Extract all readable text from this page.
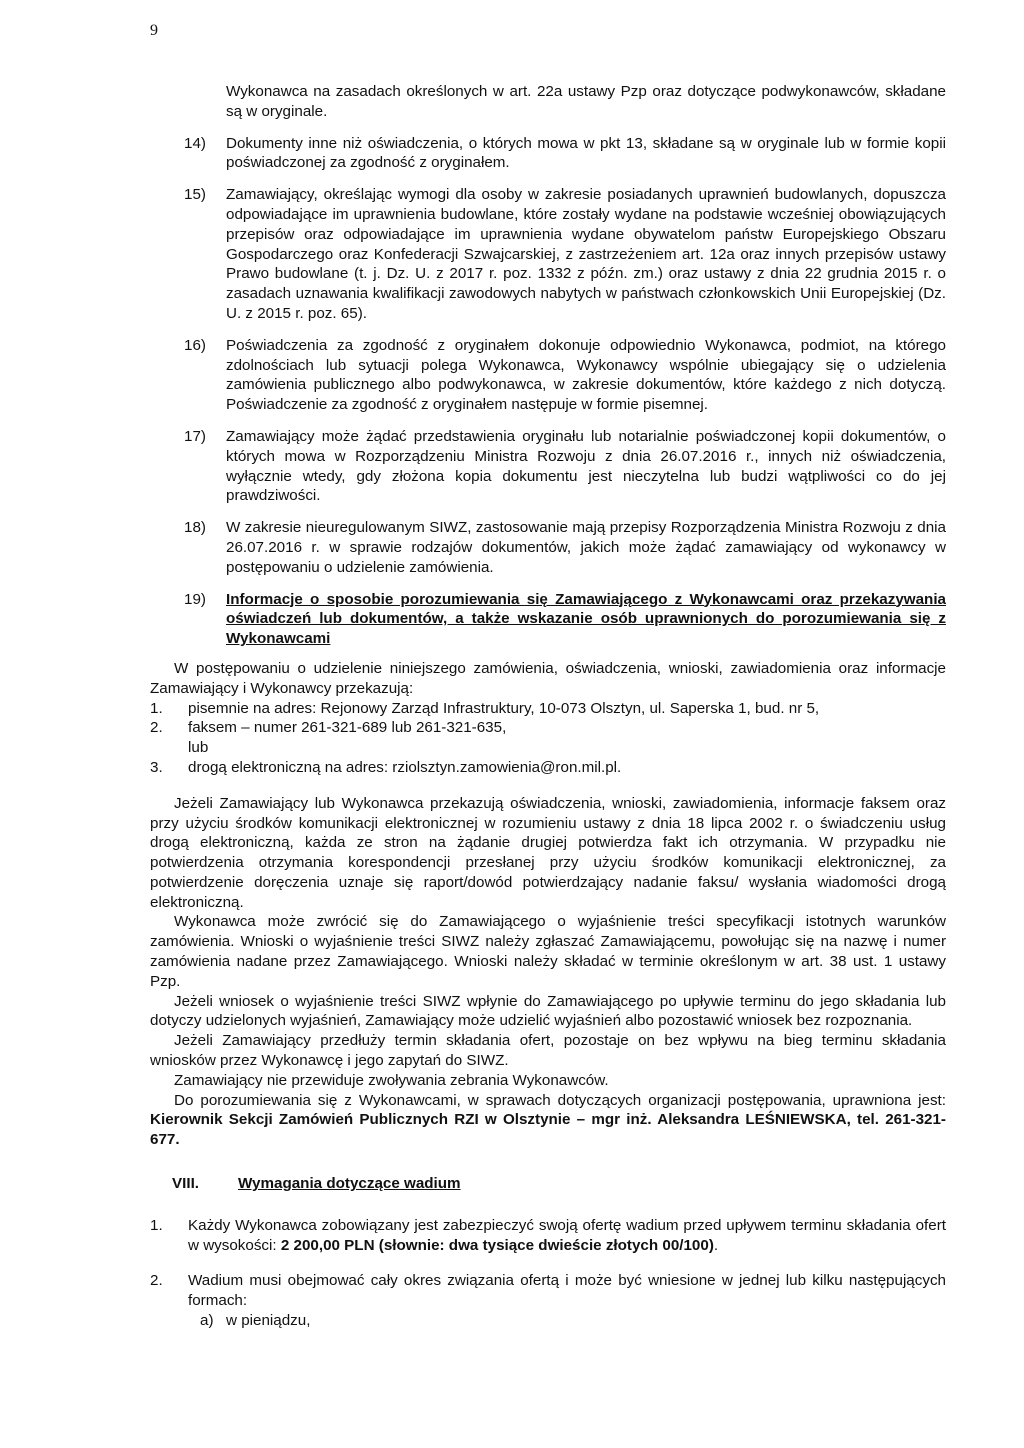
9
Wykonawca na zasadach określonych w art. 22a ustawy Pzp oraz dotyczące podwykonawców, składane są w oryginale.
14)	Dokumenty inne niż oświadczenia, o których mowa w pkt 13, składane są w oryginale lub w formie kopii poświadczonej za zgodność z oryginałem.
15)	Zamawiający, określając wymogi dla osoby w zakresie posiadanych uprawnień budowlanych, dopuszcza odpowiadające im uprawnienia budowlane, które zostały wydane na podstawie wcześniej obowiązujących przepisów oraz odpowiadające im uprawnienia wydane obywatelom państw Europejskiego Obszaru Gospodarczego oraz Konfederacji Szwajcarskiej, z zastrzeżeniem art. 12a oraz innych przepisów ustawy Prawo budowlane (t. j. Dz. U. z 2017 r. poz. 1332 z późn. zm.) oraz ustawy z dnia 22 grudnia 2015 r. o zasadach uznawania kwalifikacji zawodowych nabytych w państwach członkowskich Unii Europejskiej (Dz. U. z 2015 r. poz. 65).
16)	Poświadczenia za zgodność z oryginałem dokonuje odpowiednio Wykonawca, podmiot, na którego zdolnościach lub sytuacji polega Wykonawca, Wykonawcy wspólnie ubiegający się o udzielenia zamówienia publicznego albo podwykonawca, w zakresie dokumentów, które każdego z nich dotyczą. Poświadczenie za zgodność z oryginałem następuje w formie pisemnej.
17)	Zamawiający może żądać przedstawienia oryginału lub notarialnie poświadczonej kopii dokumentów, o których mowa w Rozporządzeniu Ministra Rozwoju z dnia 26.07.2016 r., innych niż oświadczenia, wyłącznie wtedy, gdy złożona kopia dokumentu jest nieczytelna lub budzi wątpliwości co do jej prawdziwości.
18)	W zakresie nieuregulowanym SIWZ, zastosowanie mają przepisy Rozporządzenia Ministra Rozwoju z dnia 26.07.2016 r. w sprawie rodzajów dokumentów, jakich może żądać zamawiający od wykonawcy w postępowaniu o udzielenie zamówienia.
19)	Informacje o sposobie porozumiewania się Zamawiającego z Wykonawcami oraz przekazywania oświadczeń lub dokumentów, a także wskazanie osób uprawnionych do porozumiewania się z Wykonawcami
W postępowaniu o udzielenie niniejszego zamówienia, oświadczenia, wnioski, zawiadomienia oraz informacje Zamawiający i Wykonawcy przekazują:
1.	pisemnie na adres: Rejonowy Zarząd Infrastruktury, 10-073 Olsztyn, ul. Saperska 1, bud. nr 5,
2.	faksem – numer 261-321-689 lub 261-321-635,
lub
3.	drogą elektroniczną na adres: rziolsztyn.zamowienia@ron.mil.pl.
Jeżeli Zamawiający lub Wykonawca przekazują oświadczenia, wnioski, zawiadomienia, informacje faksem oraz przy użyciu środków komunikacji elektronicznej w rozumieniu ustawy z dnia 18 lipca 2002 r. o świadczeniu usług drogą elektroniczną, każda ze stron na żądanie drugiej potwierdza fakt ich otrzymania. W przypadku nie potwierdzenia otrzymania korespondencji przesłanej przy użyciu środków komunikacji elektronicznej, za potwierdzenie doręczenia uznaje się raport/dowód potwierdzający nadanie faksu/ wysłania wiadomości drogą elektroniczną.
Wykonawca może zwrócić się do Zamawiającego o wyjaśnienie treści specyfikacji istotnych warunków zamówienia. Wnioski o wyjaśnienie treści SIWZ należy zgłaszać Zamawiającemu, powołując się na nazwę i numer zamówienia nadane przez Zamawiającego. Wnioski należy składać w terminie określonym w art. 38 ust. 1 ustawy Pzp.
Jeżeli wniosek o wyjaśnienie treści SIWZ wpłynie do Zamawiającego po upływie terminu do jego składania lub dotyczy udzielonych wyjaśnień, Zamawiający może udzielić wyjaśnień albo pozostawić wniosek bez rozpoznania.
Jeżeli Zamawiający przedłuży termin składania ofert, pozostaje on bez wpływu na bieg terminu składania wniosków przez Wykonawcę i jego zapytań do SIWZ.
Zamawiający nie przewiduje zwoływania zebrania Wykonawców.
Do porozumiewania się z Wykonawcami, w sprawach dotyczących organizacji postępowania, uprawniona jest: Kierownik Sekcji Zamówień Publicznych RZI w Olsztynie – mgr inż. Aleksandra LEŚNIEWSKA, tel. 261-321-677.
VIII.	Wymagania dotyczące wadium
1.	Każdy Wykonawca zobowiązany jest zabezpieczyć swoją ofertę wadium przed upływem terminu składania ofert w wysokości: 2 200,00 PLN (słownie: dwa tysiące dwieście złotych 00/100).
2.	Wadium musi obejmować cały okres związania ofertą i może być wniesione w jednej lub kilku następujących formach:
a) w pieniądzu,
